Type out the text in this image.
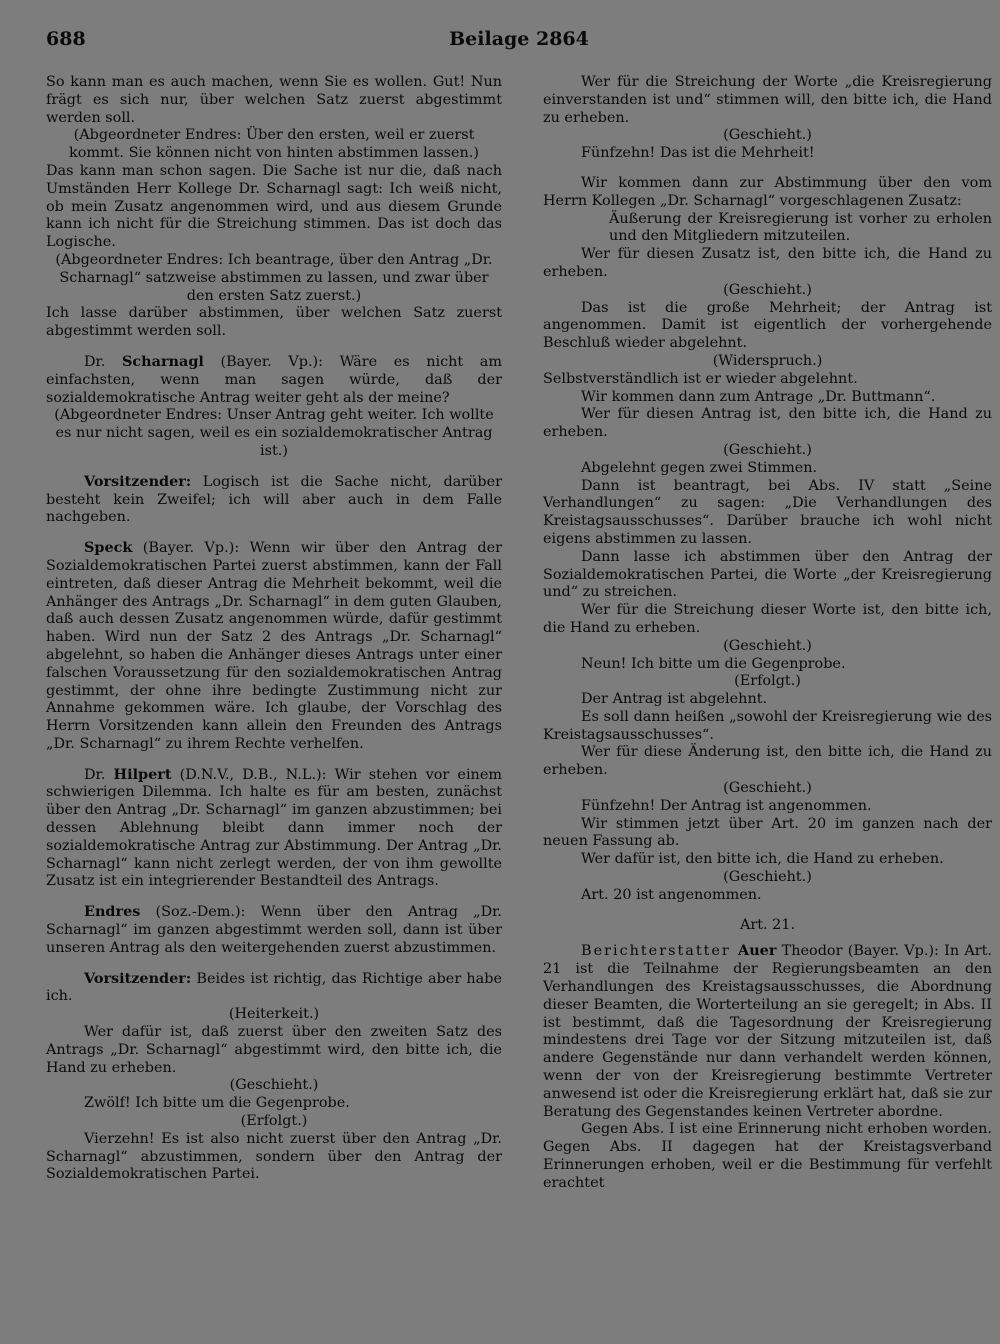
688	Beilage 2864

So kann man es auch machen, wenn Sie es wollen. Gut! Nun frägt es sich nur, über welchen Satz zuerst abgestimmt werden soll.

(Abgeordneter Endres: Über den ersten, weil er zuerst kommt. Sie können nicht von hinten abstimmen lassen.)

Das kann man schon sagen. Die Sache ist nur die, daß nach Umständen Herr Kollege Dr. Scharnagl sagt: Ich weiß nicht, ob mein Zusatz angenommen wird, und aus diesem Grunde kann ich nicht für die Streichung stimmen. Das ist doch das Logische.

(Abgeordneter Endres: Ich beantrage, über den Antrag „Dr. Scharnagl“ satzweise abstimmen zu lassen, und zwar über den ersten Satz zuerst.)

Ich lasse darüber abstimmen, über welchen Satz zuerst abgestimmt werden soll.

Dr. Scharnagl (Bayer. Vp.): Wäre es nicht am einfachsten, wenn man sagen würde, daß der sozialdemokratische Antrag weiter geht als der meine?

(Abgeordneter Endres: Unser Antrag geht weiter. Ich wollte es nur nicht sagen, weil es ein sozialdemokratischer Antrag ist.)

Vorsitzender: Logisch ist die Sache nicht, darüber besteht kein Zweifel; ich will aber auch in dem Falle nachgeben.

Speck (Bayer. Vp.): Wenn wir über den Antrag der Sozialdemokratischen Partei zuerst abstimmen, kann der Fall eintreten, daß dieser Antrag die Mehrheit bekommt, weil die Anhänger des Antrags „Dr. Scharnagl“ in dem guten Glauben, daß auch dessen Zusatz angenommen würde, dafür gestimmt haben. Wird nun der Satz 2 des Antrags „Dr. Scharnagl“ abgelehnt, so haben die Anhänger dieses Antrags unter einer falschen Voraussetzung für den sozialdemokratischen Antrag gestimmt, der ohne ihre bedingte Zustimmung nicht zur Annahme gekommen wäre. Ich glaube, der Vorschlag des Herrn Vorsitzenden kann allein den Freunden des Antrags „Dr. Scharnagl“ zu ihrem Rechte verhelfen.

Dr. Hilpert (D.N.V., D.B., N.L.): Wir stehen vor einem schwierigen Dilemma. Ich halte es für am besten, zunächst über den Antrag „Dr. Scharnagl“ im ganzen abzustimmen; bei dessen Ablehnung bleibt dann immer noch der sozialdemokratische Antrag zur Abstimmung. Der Antrag „Dr. Scharnagl“ kann nicht zerlegt werden, der von ihm gewollte Zusatz ist ein integrierender Bestandteil des Antrags.

Endres (Soz.-Dem.): Wenn über den Antrag „Dr. Scharnagl“ im ganzen abgestimmt werden soll, dann ist über unseren Antrag als den weitergehenden zuerst abzustimmen.

Vorsitzender: Beides ist richtig, das Richtige aber habe ich.

(Heiterkeit.)

Wer dafür ist, daß zuerst über den zweiten Satz des Antrags „Dr. Scharnagl“ abgestimmt wird, den bitte ich, die Hand zu erheben.

(Geschieht.)

Zwölf! Ich bitte um die Gegenprobe.

(Erfolgt.)

Vierzehn! Es ist also nicht zuerst über den Antrag „Dr. Scharnagl“ abzustimmen, sondern über den Antrag der Sozialdemokratischen Partei.

Wer für die Streichung der Worte „die Kreisregierung einverstanden ist und“ stimmen will, den bitte ich, die Hand zu erheben.

(Geschieht.)

Fünfzehn! Das ist die Mehrheit!

Wir kommen dann zur Abstimmung über den vom Herrn Kollegen „Dr. Scharnagl“ vorgeschlagenen Zusatz:

Äußerung der Kreisregierung ist vorher zu erholen und den Mitgliedern mitzuteilen.

Wer für diesen Zusatz ist, den bitte ich, die Hand zu erheben.

(Geschieht.)

Das ist die große Mehrheit; der Antrag ist angenommen. Damit ist eigentlich der vorhergehende Beschluß wieder abgelehnt.

(Widerspruch.)

Selbstverständlich ist er wieder abgelehnt.

Wir kommen dann zum Antrage „Dr. Buttmann“.

Wer für diesen Antrag ist, den bitte ich, die Hand zu erheben.

(Geschieht.)

Abgelehnt gegen zwei Stimmen.

Dann ist beantragt, bei Abs. IV statt „Seine Verhandlungen“ zu sagen: „Die Verhandlungen des Kreistagsausschusses“. Darüber brauche ich wohl nicht eigens abstimmen zu lassen.

Dann lasse ich abstimmen über den Antrag der Sozialdemokratischen Partei, die Worte „der Kreisregierung und“ zu streichen.

Wer für die Streichung dieser Worte ist, den bitte ich, die Hand zu erheben.

(Geschieht.)

Neun! Ich bitte um die Gegenprobe.

(Erfolgt.)

Der Antrag ist abgelehnt.

Es soll dann heißen „sowohl der Kreisregierung wie des Kreistagsausschusses“.

Wer für diese Änderung ist, den bitte ich, die Hand zu erheben.

(Geschieht.)

Fünfzehn! Der Antrag ist angenommen.

Wir stimmen jetzt über Art. 20 im ganzen nach der neuen Fassung ab.

Wer dafür ist, den bitte ich, die Hand zu erheben.

(Geschieht.)

Art. 20 ist angenommen.

Art. 21.

Berichterstatter Auer Theodor (Bayer. Vp.): In Art. 21 ist die Teilnahme der Regierungsbeamten an den Verhandlungen des Kreistagsausschusses, die Abordnung dieser Beamten, die Worterteilung an sie geregelt; in Abs. II ist bestimmt, daß die Tagesordnung der Kreisregierung mindestens drei Tage vor der Sitzung mitzuteilen ist, daß andere Gegenstände nur dann verhandelt werden können, wenn der von der Kreisregierung bestimmte Vertreter anwesend ist oder die Kreisregierung erklärt hat, daß sie zur Beratung des Gegenstandes keinen Vertreter abordne.

Gegen Abs. I ist eine Erinnerung nicht erhoben worden. Gegen Abs. II dagegen hat der Kreistagsverband Erinnerungen erhoben, weil er die Bestimmung für verfehlt erachtet
